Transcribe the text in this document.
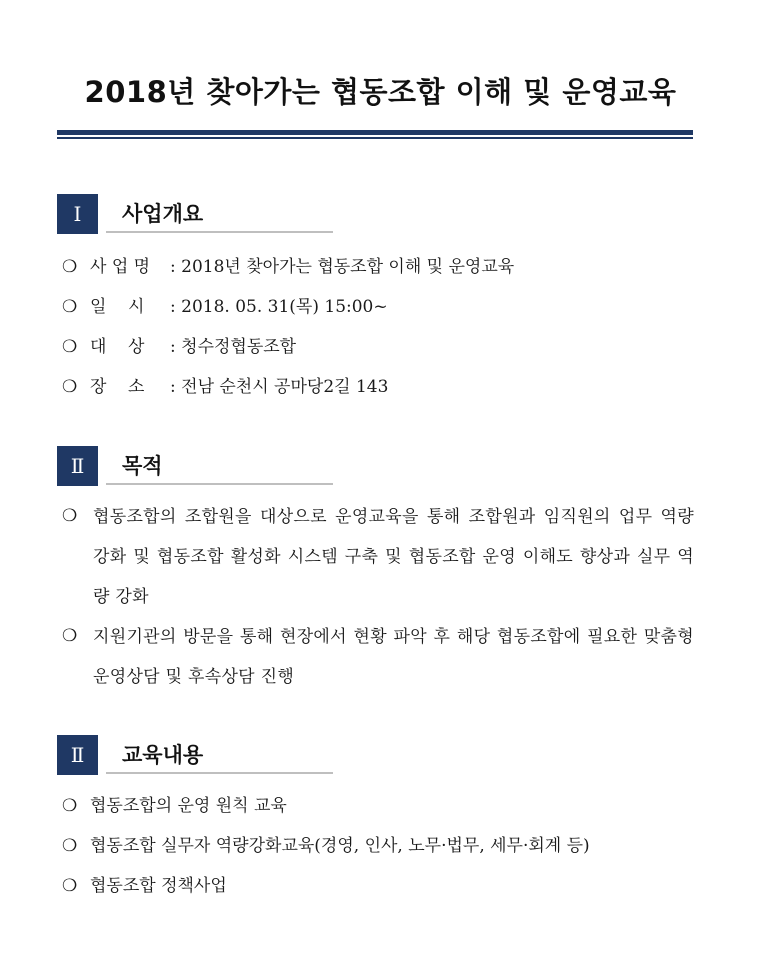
2018년 찾아가는 협동조합 이해 및 운영교육
Ⅰ	사업개요
❍ 사 업 명 : 2018년 찾아가는 협동조합 이해 및 운영교육
❍ 일    시 : 2018. 05. 31(목) 15:00~
❍ 대    상 : 청수정협동조합
❍ 장    소 : 전남 순천시 공마당2길 143
Ⅱ	목적
❍ 협동조합의 조합원을 대상으로 운영교육을 통해 조합원과 임직원의 업무 역량 강화 및 협동조합 활성화 시스템 구축 및 협동조합 운영 이해도 향상과 실무 역량 강화
❍ 지원기관의 방문을 통해 현장에서 현황 파악 후 해당 협동조합에 필요한 맞춤형 운영상담 및 후속상담 진행
Ⅱ	교육내용
❍ 협동조합의 운영 원칙 교육
❍ 협동조합 실무자 역량강화교육(경영, 인사, 노무·법무, 세무·회계 등)
❍ 협동조합 정책사업
